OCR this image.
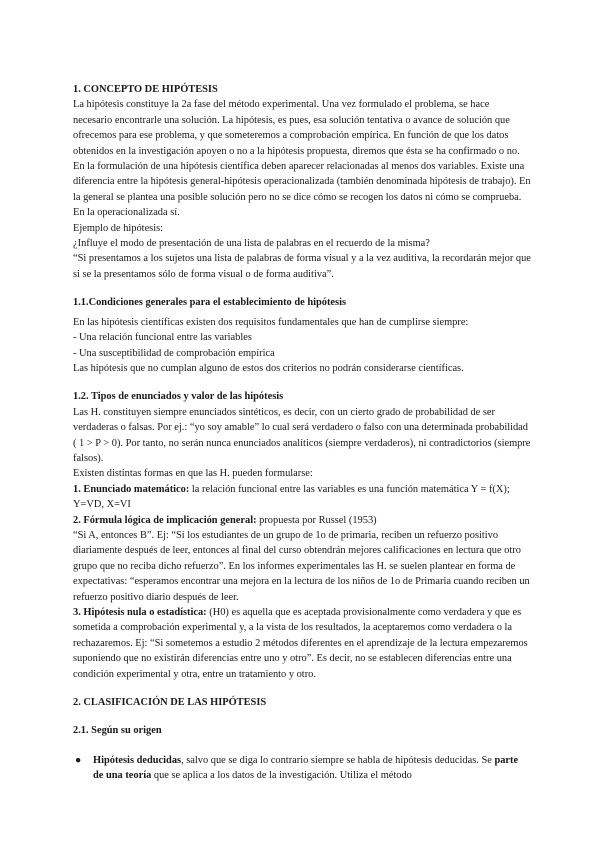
1. CONCEPTO DE HIPÓTESIS

La hipótesis constituye la 2a fase del método experimental. Una vez formulado el problema, se hace necesario encontrarle una solución. La hipótesis, es pues, esa solución tentativa o avance de solución que ofrecemos para ese problema, y que someteremos a comprobación empírica. En función de que los datos obtenidos en la investigación apoyen o no a la hipótesis propuesta, diremos que ésta se ha confirmado o no.

En la formulación de una hipótesis científica deben aparecer relacionadas al menos dos variables. Existe una diferencia entre la hipótesis general-hipótesis operacionalizada (también denominada hipótesis de trabajo). En la general se plantea una posible solución pero no se dice cómo se recogen los datos ni cómo se comprueba. En la operacionalizada sí.

Ejemplo de hipótesis:

¿Influye el modo de presentación de una lista de palabras en el recuerdo de la misma?

“Si presentamos a los sujetos una lista de palabras de forma visual y a la vez auditiva, la recordarán mejor que si se la presentamos sólo de forma visual o de forma auditiva”.

1.1.Condiciones generales para el establecimiento de hipótesis

En las hipótesis científicas existen dos requisitos fundamentales que han de cumplirse siempre:

- Una relación funcional entre las variables

- Una susceptibilidad de comprobación empírica

Las hipótesis que no cumplan alguno de estos dos criterios no podrán considerarse científicas.

1.2. Tipos de enunciados y valor de las hipótesis

Las H. constituyen siempre enunciados sintéticos, es decir, con un cierto grado de probabilidad de ser verdaderas o falsas. Por ej.: “yo soy amable” lo cual será verdadero o falso con una determinada probabilidad ( 1 > P > 0). Por tanto, no serán nunca enunciados analíticos (siempre verdaderos), ni contradictorios (siempre falsos).

Existen distintas formas en que las H. pueden formularse:

1. Enunciado matemático: la relación funcional entre las variables es una función matemática Y = f(X); Y=VD, X=VI

2. Fórmula lógica de implicación general: propuesta por Russel (1953)

“Si A, entonces B”. Ej: “Si los estudiantes de un grupo de 1o de primaria, reciben un refuerzo positivo diariamente después de leer, entonces al final del curso obtendrán mejores calificaciones en lectura que otro grupo que no reciba dicho refuerzo”. En los informes experimentales las H. se suelen plantear en forma de expectativas: “esperamos encontrar una mejora en la lectura de los niños de 1o de Primaria cuando reciben un refuerzo positivo diario después de leer.

3. Hipótesis nula o estadística: (H0) es aquella que es aceptada provisionalmente como verdadera y que es sometida a comprobación experimental y, a la vista de los resultados, la aceptaremos como verdadera o la rechazaremos. Ej: “Si sometemos a estudio 2 métodos diferentes en el aprendizaje de la lectura empezaremos suponiendo que no existirán diferencias entre uno y otro”. Es decir, no se establecen diferencias entre una condición experimental y otra, entre un tratamiento y otro.

2. CLASIFICACIÓN DE LAS HIPÓTESIS

2.1. Según su origen

● Hipótesis deducidas, salvo que se diga lo contrario siempre se habla de hipótesis deducidas. Se parte de una teoría que se aplica a los datos de la investigación. Utiliza el método
